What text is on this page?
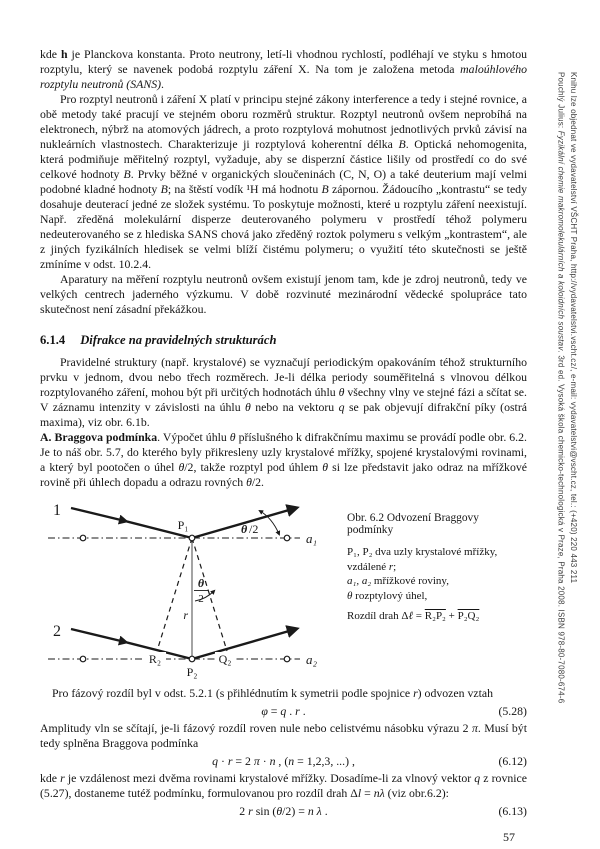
kde h je Planckova konstanta. Proto neutrony, letí-li vhodnou rychlostí, podléhají ve styku s hmotou rozptylu, který se navenek podobá rozptylu záření X. Na tom je založena metoda maloúhlového rozptylu neutronů (SANS).

Pro rozptyl neutronů i záření X platí v principu stejné zákony interference a tedy i stejné rovnice, a obě metody také pracují ve stejném oboru rozměrů struktur. Rozptyl neutronů ovšem neprobíhá na elektronech, nýbrž na atomových jádrech, a proto rozptylová mohutnost jednotlivých prvků závisí na nukleárních vlastnostech. Charakterizuje ji rozptylová koherentní délka B. Optická nehomogenita, která podmiňuje měřitelný rozptyl, vyžaduje, aby se disperzní částice lišily od prostředí co do své celkové hodnoty B. Prvky běžné v organických sloučeninách (C, N, O) a také deuterium mají velmi podobné kladné hodnoty B; na štěstí vodík ¹H má hodnotu B zápornou. Žádoucího „kontrastu“ se tedy dosahuje deuterací jedné ze složek systému. To poskytuje možnosti, které u rozptylu záření neexistují. Např. zředěná molekulární disperze deuterovaného polymeru v prostředí téhož polymeru nedeuterovaného se z hlediska SANS chová jako zředěný roztok polymeru s velkým „kontrastem“, ale z jiných fyzikálních hledisek se velmi blíží čistému polymeru; o využití této skutečnosti se ještě zmíníme v odst. 10.2.4.

Aparatury na měření rozptylu neutronů ovšem existují jenom tam, kde je zdroj neutronů, tedy ve velkých centrech jaderného výzkumu. V době rozvinuté mezinárodní vědecké spolupráce tato skutečnost není zásadní překážkou.

6.1.4 Difrakce na pravidelných strukturách

Pravidelné struktury (např. krystalové) se vyznačují periodickým opakováním téhož strukturního prvku v jednom, dvou nebo třech rozměrech. Je-li délka periody souměřitelná s vlnovou délkou rozptylovaného záření, mohou být při určitých hodnotách úhlu θ všechny vlny ve stejné fázi a sčítat se. V záznamu intenzity v závislosti na úhlu θ nebo na vektoru q se pak objevují difrakční píky (ostrá maxima), viz obr. 6.1b.

A. Braggova podmínka. Výpočet úhlu θ příslušného k difrakčnímu maximu se provádí podle obr. 6.2. Je to náš obr. 5.7, do kterého byly přikresleny uzly krystalové mřížky, spojené krystalovými rovinami, a který byl pootočen o úhel θ/2, takže rozptyl pod úhlem θ si lze představit jako odraz na mřížkové rovině při úhlech dopadu a odrazu rovných θ/2.

1
2
P₁
P₂
R₂	Q₂
a₁
a₂
θ /2
θ
2
r
Obr. 6.2 Odvození Braggovy podmínky
P₁, P₂ dva uzly krystalové mřížky,
vzdálené r;
a₁, a₂ mřížkové roviny,
θ rozptylový úhel,
Rozdíl drah Δℓ = R₂P₂ + P₂Q₂

Pro fázový rozdíl byl v odst. 5.2.1 (s přihlédnutím k symetrii podle spojnice r) odvozen vztah

φ = q . r .	(5.28)

Amplitudy vln se sčítají, je-li fázový rozdíl roven nule nebo celistvému násobku výrazu 2 π. Musí být tedy splněna Braggova podmínka

q · r = 2 π · n , (n = 1,2,3, ...) ,	(6.12)

kde r je vzdálenost mezi dvěma rovinami krystalové mřížky. Dosadíme-li za vlnový vektor q z rovnice (5.27), dostaneme tutéž podmínku, formulovanou pro rozdíl drah Δl = nλ (viz obr.6.2):

2 r sin (θ/2) = n λ .	(6.13)
57
Pouchlý Julius: Fyzikální chemie makromolekulárních a koloidních soustav. 3rd ed. Vysoká škola chemicko-technologická v Praze, Praha 2008. ISBN 978-80-7080-674-6 Knihu lze objednat ve vydavatelství VŠCHT Praha, http://vydavatelstvi.vscht.cz/, e-mail: vydavatelstvi@vscht.cz, tel.: (+420) 220 443 211
